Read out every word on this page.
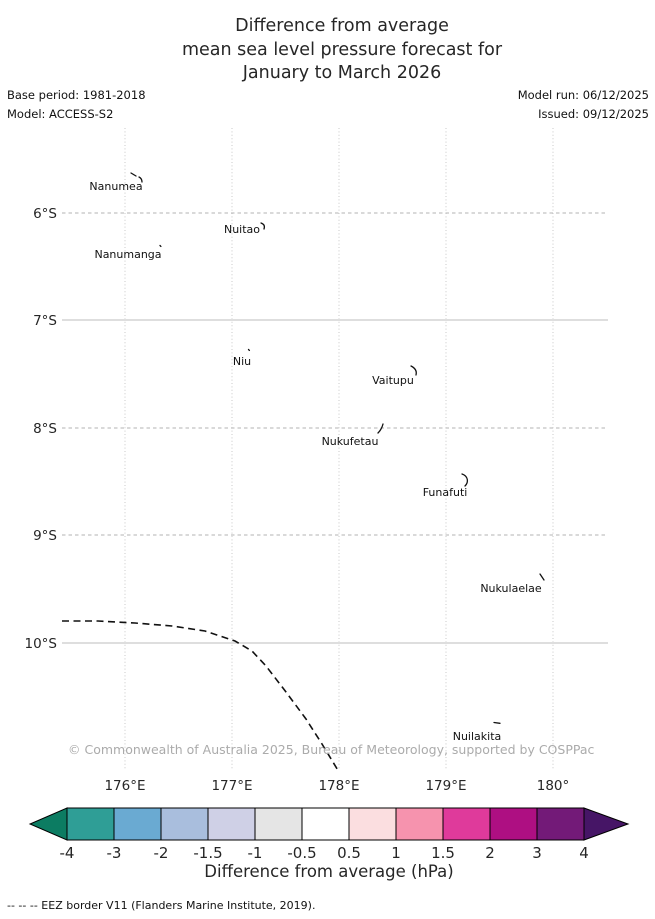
Difference from average
mean sea level pressure forecast for
January to March 2026
Base period: 1981-2018
Model: ACCESS-S2
Model run: 06/12/2025
Issued: 09/12/2025
6°S
7°S
8°S
9°S
10°S
176°E	177°E	178°E	179°E	180°
Nanumea
Nuitao
Nanumanga
Niu
Vaitupu
Nukufetau
Funafuti
Nukulaelae
Nuilakita
© Commonwealth of Australia 2025, Bureau of Meteorology, supported by COSPPac
-4 -3 -2 -1.5 -1 -0.5 0.5 1 1.5 2 3 4
Difference from average (hPa)
-- -- -- EEZ border V11 (Flanders Marine Institute, 2019).
